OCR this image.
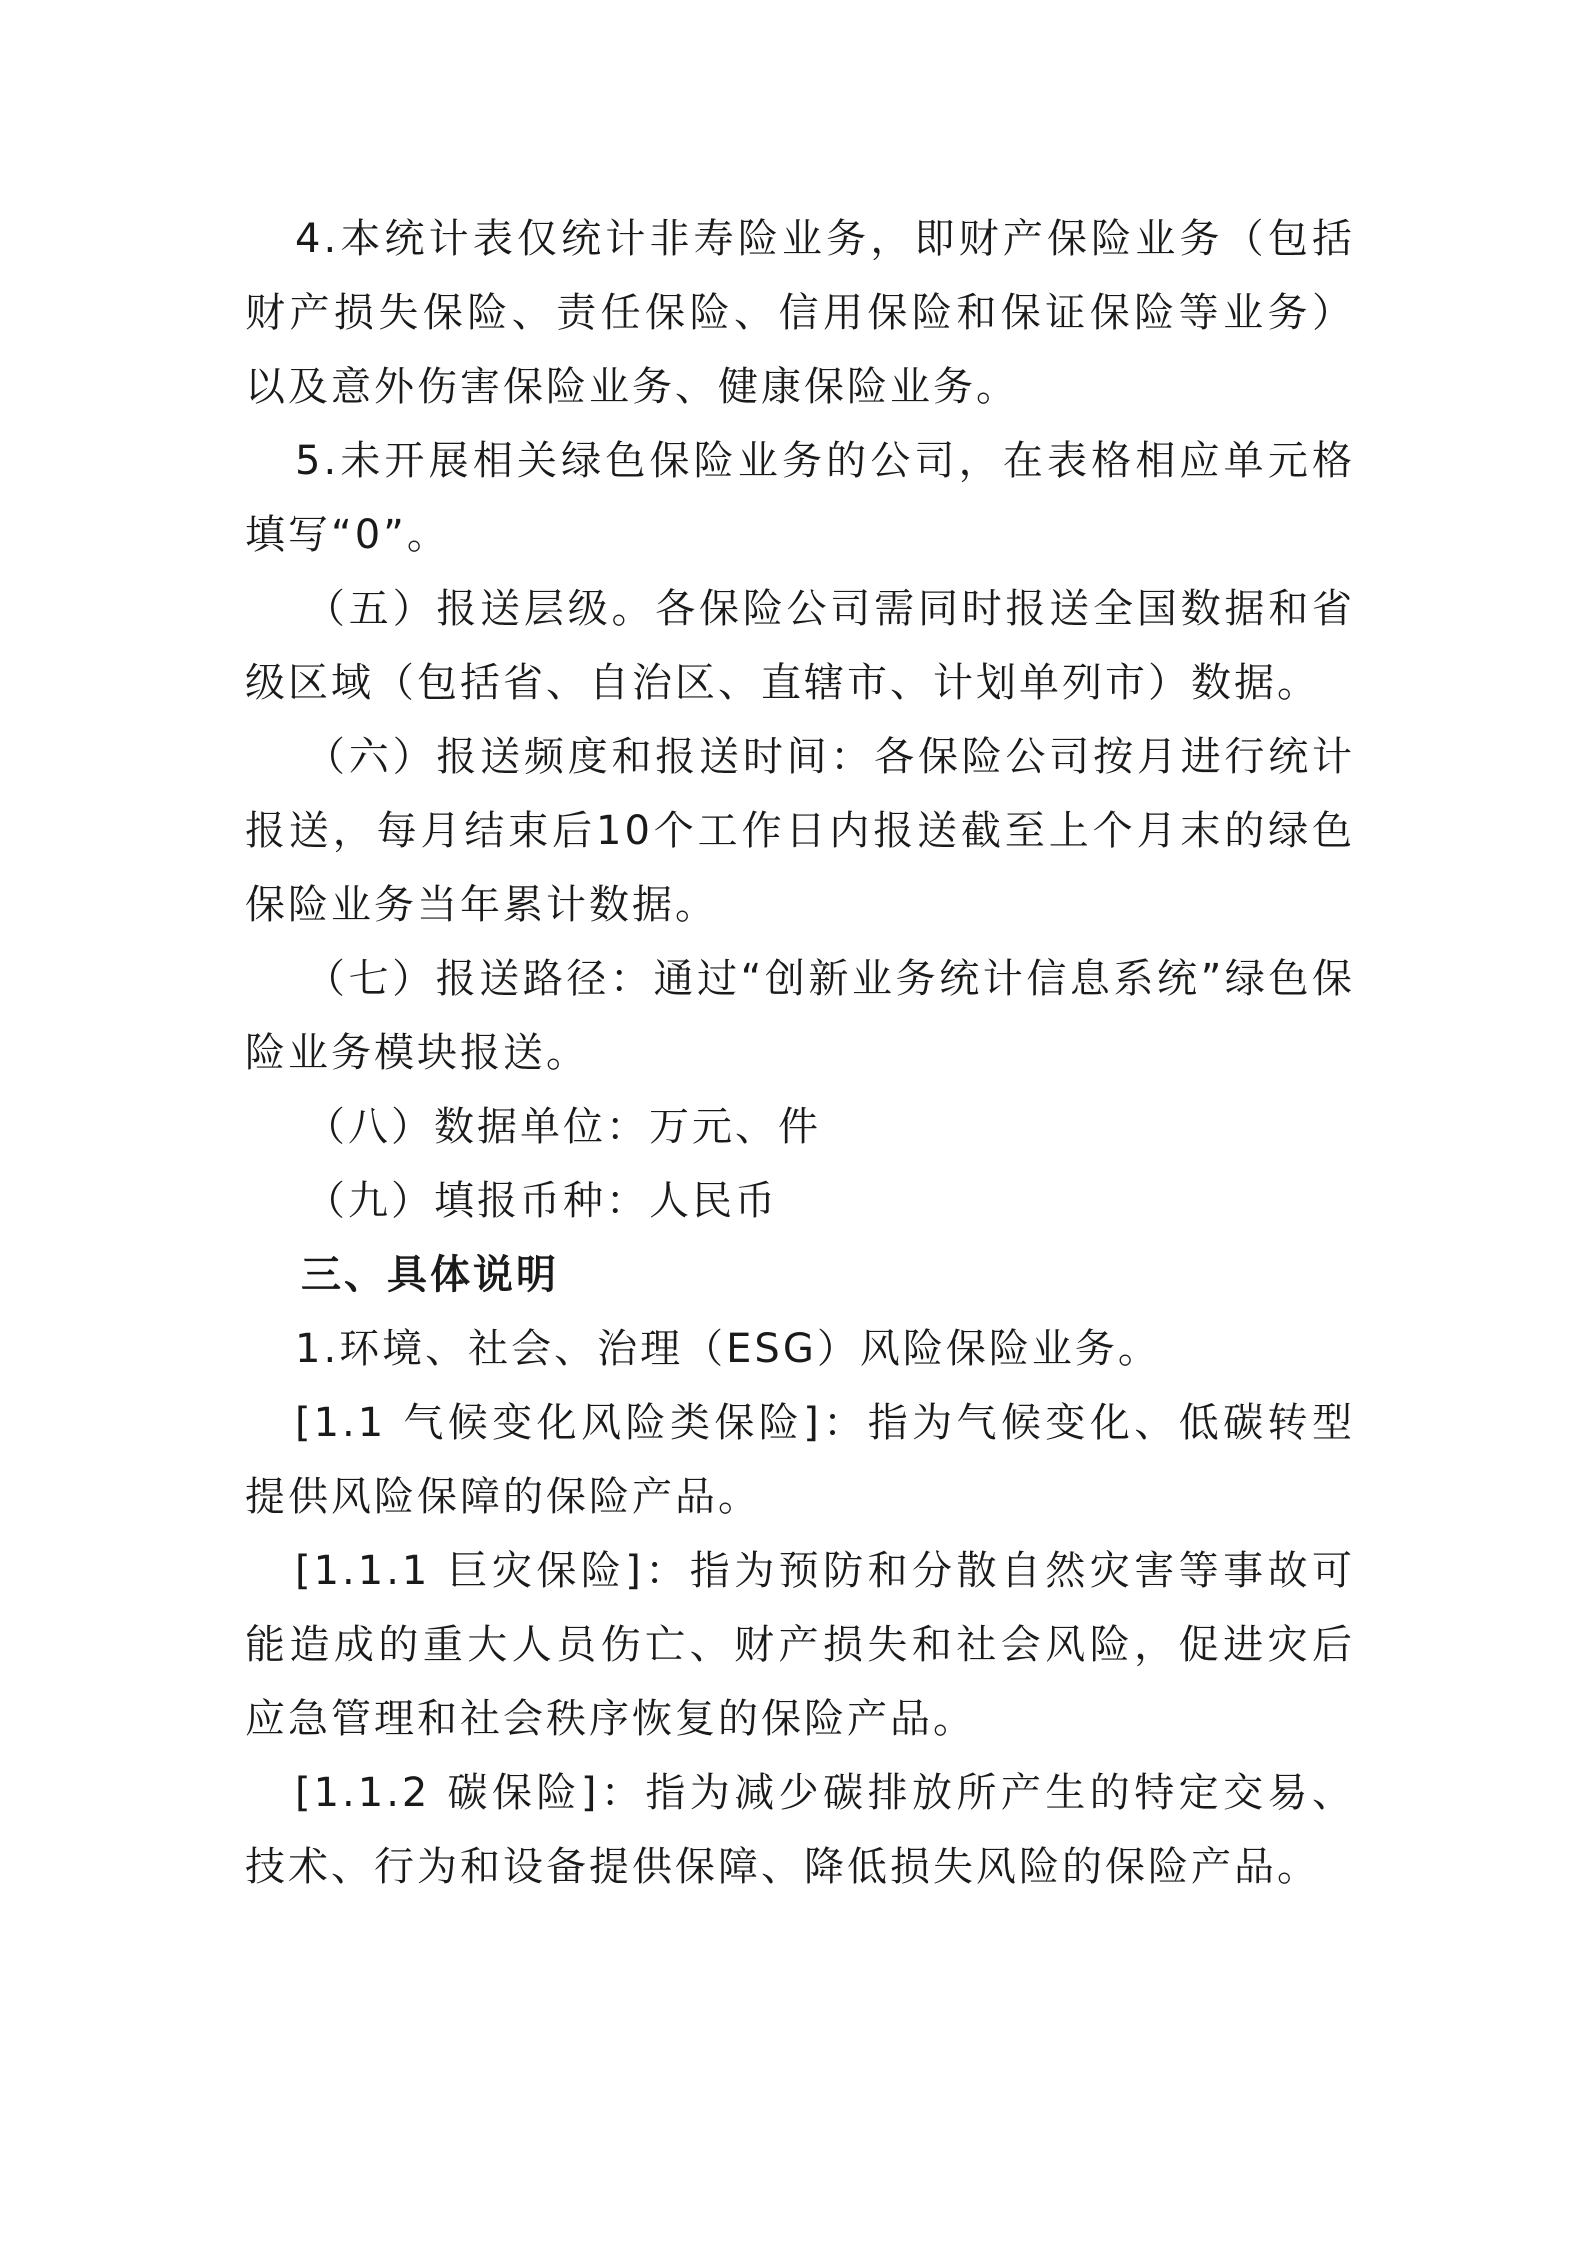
4.本统计表仅统计非寿险业务，即财产保险业务（包括财产损失保险、责任保险、信用保险和保证保险等业务）以及意外伤害保险业务、健康保险业务。

5.未开展相关绿色保险业务的公司，在表格相应单元格填写“0”。

（五）报送层级。各保险公司需同时报送全国数据和省级区域（包括省、自治区、直辖市、计划单列市）数据。

（六）报送频度和报送时间：各保险公司按月进行统计报送，每月结束后10个工作日内报送截至上个月末的绿色保险业务当年累计数据。

（七）报送路径：通过“创新业务统计信息系统”绿色保险业务模块报送。

（八）数据单位：万元、件

（九）填报币种：人民币

三、具体说明

1.环境、社会、治理（ESG）风险保险业务。

[1.1 气候变化风险类保险]：指为气候变化、低碳转型提供风险保障的保险产品。

[1.1.1 巨灾保险]：指为预防和分散自然灾害等事故可能造成的重大人员伤亡、财产损失和社会风险，促进灾后应急管理和社会秩序恢复的保险产品。

[1.1.2 碳保险]：指为减少碳排放所产生的特定交易、技术、行为和设备提供保障、降低损失风险的保险产品。
